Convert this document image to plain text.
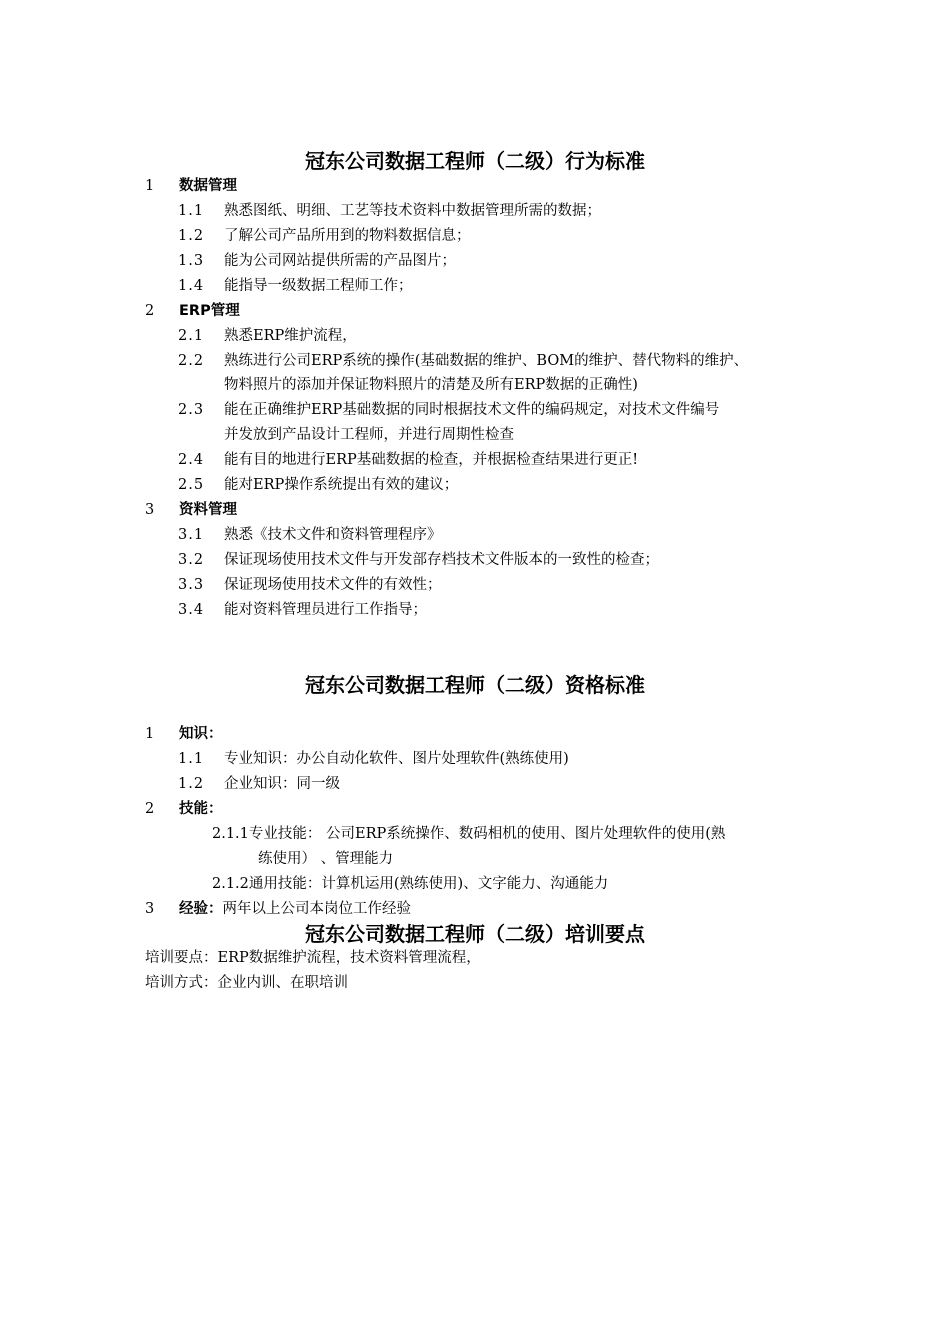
冠东公司数据工程师（二级）行为标准
1 数据管理
1.1 熟悉图纸、明细、工艺等技术资料中数据管理所需的数据；
1.2 了解公司产品所用到的物料数据信息；
1.3 能为公司网站提供所需的产品图片；
1.4 能指导一级数据工程师工作；
2 ERP管理
2.1 熟悉ERP维护流程，
2.2 熟练进行公司ERP系统的操作(基础数据的维护、BOM的维护、替代物料的维护、
物料照片的添加并保证物料照片的清楚及所有ERP数据的正确性)
2.3 能在正确维护ERP基础数据的同时根据技术文件的编码规定，对技术文件编号
并发放到产品设计工程师，并进行周期性检查
2.4 能有目的地进行ERP基础数据的检查，并根据检查结果进行更正!
2.5 能对ERP操作系统提出有效的建议；
3 资料管理
3.1 熟悉《技术文件和资料管理程序》
3.2 保证现场使用技术文件与开发部存档技术文件版本的一致性的检查；
3.3 保证现场使用技术文件的有效性；
3.4 能对资料管理员进行工作指导；
冠东公司数据工程师（二级）资格标准
1 知识：
1.1 专业知识：办公自动化软件、图片处理软件(熟练使用)
1.2 企业知识：同一级
2 技能：
2.1.1专业技能： 公司ERP系统操作、数码相机的使用、图片处理软件的使用(熟
练使用） 、管理能力
2.1.2通用技能：计算机运用(熟练使用)、文字能力、沟通能力
3 经验：两年以上公司本岗位工作经验
冠东公司数据工程师（二级）培训要点
培训要点：ERP数据维护流程，技术资料管理流程，
培训方式：企业内训、在职培训
